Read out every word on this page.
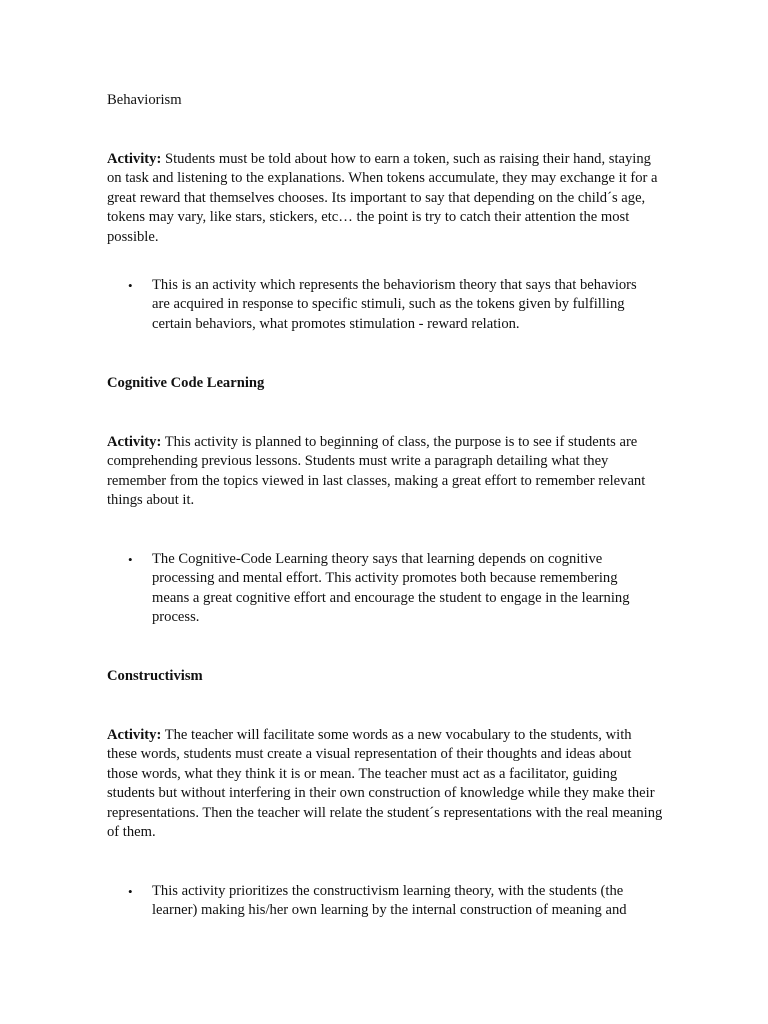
Behaviorism

Activity: Students must be told about how to earn a token, such as raising their hand, staying on task and listening to the explanations. When tokens accumulate, they may exchange it for a great reward that themselves chooses. Its important to say that depending on the child´s age, tokens may vary, like stars, stickers, etc… the point is try to catch their attention the most possible.

• This is an activity which represents the behaviorism theory that says that behaviors are acquired in response to specific stimuli, such as the tokens given by fulfilling certain behaviors, what promotes stimulation - reward relation.

Cognitive Code Learning

Activity: This activity is planned to beginning of class, the purpose is to see if students are comprehending previous lessons. Students must write a paragraph detailing what they remember from the topics viewed in last classes, making a great effort to remember relevant things about it.

• The Cognitive-Code Learning theory says that learning depends on cognitive processing and mental effort. This activity promotes both because remembering means a great cognitive effort and encourage the student to engage in the learning process.

Constructivism

Activity: The teacher will facilitate some words as a new vocabulary to the students, with these words, students must create a visual representation of their thoughts and ideas about those words, what they think it is or mean. The teacher must act as a facilitator, guiding students but without interfering in their own construction of knowledge while they make their representations. Then the teacher will relate the student´s representations with the real meaning of them.

• This activity prioritizes the constructivism learning theory, with the students (the learner) making his/her own learning by the internal construction of meaning and
